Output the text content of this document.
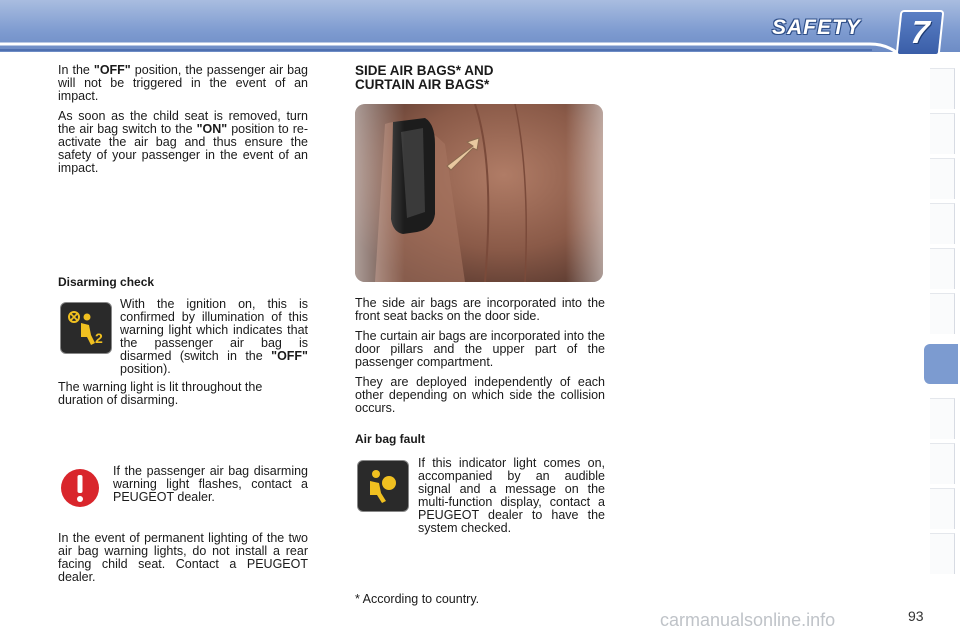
SAFETY	7

In the "OFF" position, the passenger air bag will not be triggered in the event of an impact.

As soon as the child seat is removed, turn the air bag switch to the "ON" position to re-activate the air bag and thus ensure the safety of your passenger in the event of an impact.

Disarming check
2

With the ignition on, this is confirmed by illumination of this warning light which indicates that the passenger air bag is disarmed (switch in the "OFF" position).

The warning light is lit throughout the duration of disarming.
If the passenger air bag disarming warning light flashes, contact a PEUGEOT dealer.
In the event of permanent lighting of the two air bag warning lights, do not install a rear facing child seat. Contact a PEUGEOT dealer.
SIDE AIR BAGS* AND
CURTAIN AIR BAGS*

The side air bags are incorporated into the front seat backs on the door side.

The curtain air bags are incorporated into the door pillars and the upper part of the passenger compartment.

They are deployed independently of each other depending on which side the collision occurs.

Air bag fault
If this indicator light comes on, accompanied by an audible signal and a message on the multi-function display, contact a PEUGEOT dealer to have the system checked.
* According to country.
carmanualsonline.info	93
